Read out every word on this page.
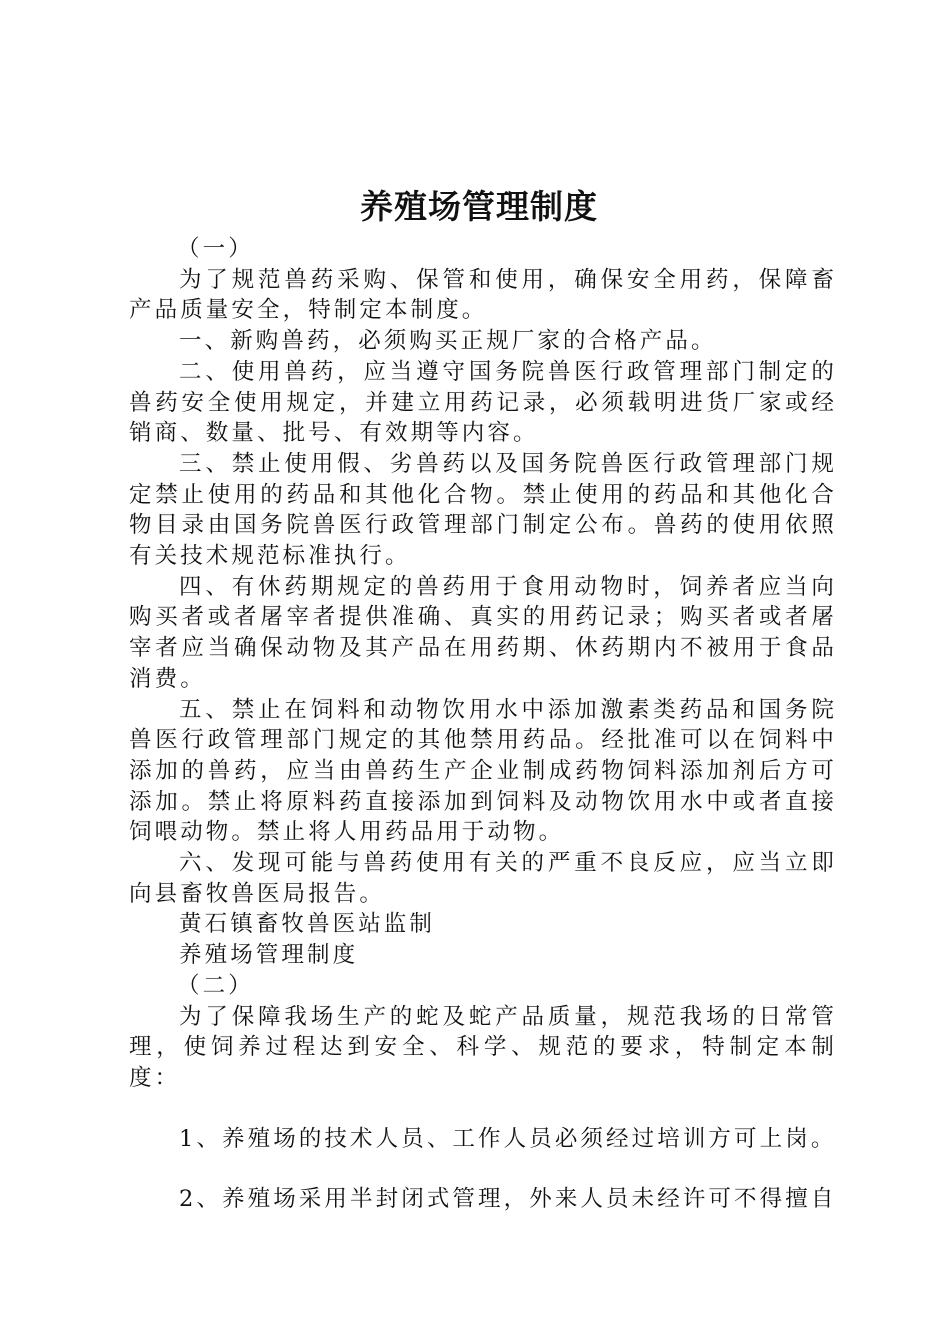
养殖场管理制度

（一）

为了规范兽药采购、保管和使用，确保安全用药，保障畜产品质量安全，特制定本制度。

一、新购兽药，必须购买正规厂家的合格产品。

二、使用兽药，应当遵守国务院兽医行政管理部门制定的兽药安全使用规定，并建立用药记录，必须载明进货厂家或经销商、数量、批号、有效期等内容。

三、禁止使用假、劣兽药以及国务院兽医行政管理部门规定禁止使用的药品和其他化合物。禁止使用的药品和其他化合物目录由国务院兽医行政管理部门制定公布。兽药的使用依照有关技术规范标准执行。

四、有休药期规定的兽药用于食用动物时，饲养者应当向购买者或者屠宰者提供准确、真实的用药记录；购买者或者屠宰者应当确保动物及其产品在用药期、休药期内不被用于食品消费。

五、禁止在饲料和动物饮用水中添加激素类药品和国务院兽医行政管理部门规定的其他禁用药品。经批准可以在饲料中添加的兽药，应当由兽药生产企业制成药物饲料添加剂后方可添加。禁止将原料药直接添加到饲料及动物饮用水中或者直接饲喂动物。禁止将人用药品用于动物。

六、发现可能与兽药使用有关的严重不良反应，应当立即向县畜牧兽医局报告。

黄石镇畜牧兽医站监制

养殖场管理制度

（二）

为了保障我场生产的蛇及蛇产品质量，规范我场的日常管理，使饲养过程达到安全、科学、规范的要求，特制定本制度：

1、养殖场的技术人员、工作人员必须经过培训方可上岗。

2、养殖场采用半封闭式管理，外来人员未经许可不得擅自
